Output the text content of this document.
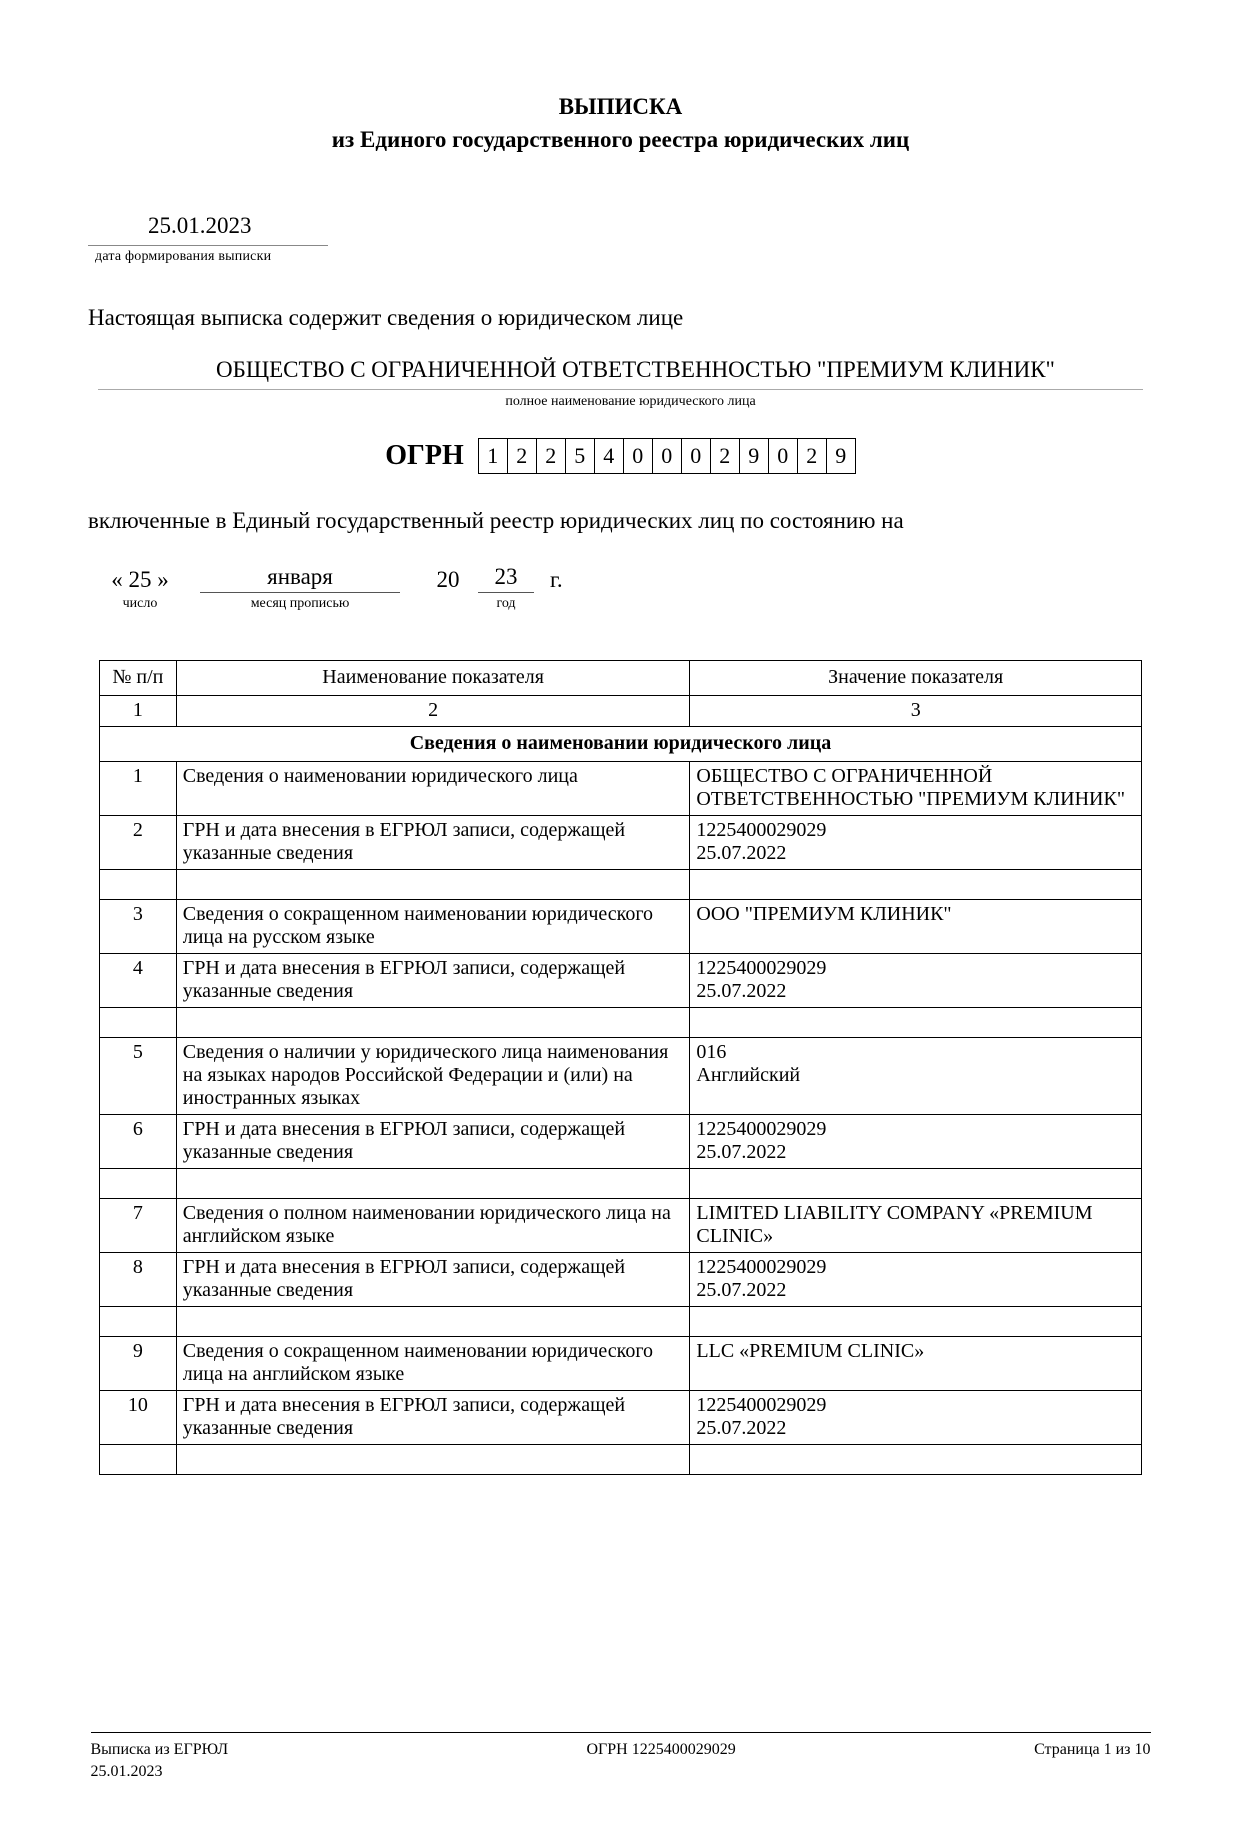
ВЫПИСКА
из Единого государственного реестра юридических лиц
25.01.2023
дата формирования выписки
Настоящая выписка содержит сведения о юридическом лице
ОБЩЕСТВО С ОГРАНИЧЕННОЙ ОТВЕТСТВЕННОСТЬЮ "ПРЕМИУМ КЛИНИК"
полное наименование юридического лица
ОГРН	1 2 2 5 4 0 0 0 2 9 0 2 9
включенные в Единый государственный реестр юридических лиц по состоянию на
« 25 »	января	20	23	г.
число	месяц прописью	год
№ п/п	Наименование показателя	Значение показателя
1	2	3
Сведения о наименовании юридического лица		
1	Сведения о наименовании юридического лица	ОБЩЕСТВО С ОГРАНИЧЕННОЙ ОТВЕТСТВЕННОСТЬЮ "ПРЕМИУМ КЛИНИК"
2	ГРН и дата внесения в ЕГРЮЛ записи, содержащей указанные сведения	1225400029029
25.07.2022

3	Сведения о сокращенном наименовании юридического лица на русском языке	ООО "ПРЕМИУМ КЛИНИК"
4	ГРН и дата внесения в ЕГРЮЛ записи, содержащей указанные сведения	1225400029029
25.07.2022

5	Сведения о наличии у юридического лица наименования на языках народов Российской Федерации и (или) на иностранных языках	016
Английский
6	ГРН и дата внесения в ЕГРЮЛ записи, содержащей указанные сведения	1225400029029
25.07.2022

7	Сведения о полном наименовании юридического лица на английском языке	LIMITED LIABILITY COMPANY «PREMIUM CLINIC»
8	ГРН и дата внесения в ЕГРЮЛ записи, содержащей указанные сведения	1225400029029
25.07.2022

9	Сведения о сокращенном наименовании юридического лица на английском языке	LLC «PREMIUM CLINIC»
10	ГРН и дата внесения в ЕГРЮЛ записи, содержащей указанные сведения	1225400029029
25.07.2022

Выписка из ЕГРЮЛ
25.01.2023
ОГРН 1225400029029	Страница 1 из 10
